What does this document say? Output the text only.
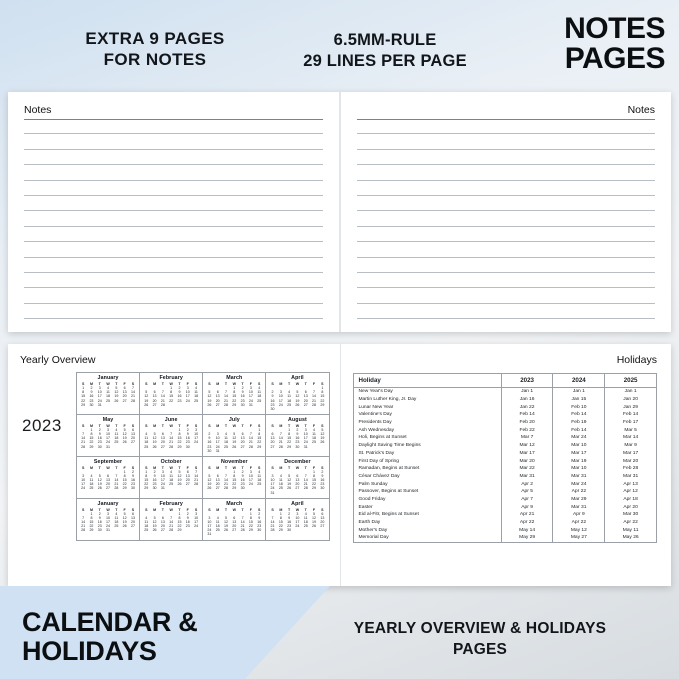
EXTRA 9 PAGES
FOR NOTES
6.5MM-RULE
29 LINES PER PAGE
NOTES
PAGES
Notes	Notes
Yearly Overview
2023
January
S	M	T	W	T	F	S
1	2	3	4	5	6	7
8	9	10	11	12	13	14
15	16	17	18	19	20	21
22	23	24	25	26	27	28
29	30	31				
February
S	M	T	W	T	F	S
			1	2	3	4
5	6	7	8	9	10	11
12	13	14	15	16	17	18
19	20	21	22	23	24	25
26	27	28				
March
S	M	T	W	T	F	S
			1	2	3	4
5	6	7	8	9	10	11
12	13	14	15	16	17	18
19	20	21	22	23	24	25
26	27	28	29	30	31	
April
S	M	T	W	T	F	S
						1
2	3	4	5	6	7	8
9	10	11	12	13	14	15
16	17	18	19	20	21	22
23	24	25	26	27	28	29
30						
May
S	M	T	W	T	F	S
	1	2	3	4	5	6
7	8	9	10	11	12	13
14	15	16	17	18	19	20
21	22	23	24	25	26	27
28	29	30	31			
June
S	M	T	W	T	F	S
				1	2	3
4	5	6	7	8	9	10
11	12	13	14	15	16	17
18	19	20	21	22	23	24
25	26	27	28	29	30	
July
S	M	T	W	T	F	S
						1
2	3	4	5	6	7	8
9	10	11	12	13	14	15
16	17	18	19	20	21	22
23	24	25	26	27	28	29
30	31					
August
S	M	T	W	T	F	S
		1	2	3	4	5
6	7	8	9	10	11	12
13	14	15	16	17	18	19
20	21	22	23	24	25	26
27	28	29	30	31		
September
S	M	T	W	T	F	S
					1	2
3	4	5	6	7	8	9
10	11	12	13	14	15	16
17	18	19	20	21	22	23
24	25	26	27	28	29	30
October
S	M	T	W	T	F	S
1	2	3	4	5	6	7
8	9	10	11	12	13	14
15	16	17	18	19	20	21
22	23	24	25	26	27	28
29	30	31				
November
S	M	T	W	T	F	S
			1	2	3	4
5	6	7	8	9	10	11
12	13	14	15	16	17	18
19	20	21	22	23	24	25
26	27	28	29	30		
December
S	M	T	W	T	F	S
					1	2
3	4	5	6	7	8	9
10	11	12	13	14	15	16
17	18	19	20	21	22	23
24	25	26	27	28	29	30
31						
January
S	M	T	W	T	F	S
	1	2	3	4	5	6
7	8	9	10	11	12	13
14	15	16	17	18	19	20
21	22	23	24	25	26	27
28	29	30	31			
February
S	M	T	W	T	F	S
				1	2	3
4	5	6	7	8	9	10
11	12	13	14	15	16	17
18	19	20	21	22	23	24
25	26	27	28	29		
March
S	M	T	W	T	F	S
					1	2
3	4	5	6	7	8	9
10	11	12	13	14	15	16
17	18	19	20	21	22	23
24	25	26	27	28	29	30
31						
April
S	M	T	W	T	F	S
	1	2	3	4	5	6
7	8	9	10	11	12	13
14	15	16	17	18	19	20
21	22	23	24	25	26	27
28	29	30				
Holidays
Holiday	2023	2024	2025
New Year's Day	Jan 1	Jan 1	Jan 1
Martin Luther King, Jr. Day	Jan 16	Jan 15	Jan 20
Lunar New Year	Jan 22	Feb 10	Jan 29
Valentine's Day	Feb 14	Feb 14	Feb 14
Presidents Day	Feb 20	Feb 19	Feb 17
Ash Wednesday	Feb 22	Feb 14	Mar 5
Holi, Begins at Sunset	Mar 7	Mar 24	Mar 14
Daylight Saving Time Begins	Mar 12	Mar 10	Mar 9
St. Patrick's Day	Mar 17	Mar 17	Mar 17
First Day of Spring	Mar 20	Mar 19	Mar 20
Ramadan, Begins at Sunset	Mar 22	Mar 10	Feb 28
César Chávez Day	Mar 31	Mar 31	Mar 31
Palm Sunday	Apr 2	Mar 24	Apr 13
Passover, Begins at Sunset	Apr 5	Apr 22	Apr 12
Good Friday	Apr 7	Mar 29	Apr 18
Easter	Apr 9	Mar 31	Apr 20
Eid al-Fitr, Begins at Sunset	Apr 21	Apr 9	Mar 30
Earth Day	Apr 22	Apr 22	Apr 22
Mother's Day	May 14	May 12	May 11
Memorial Day	May 29	May 27	May 26
CALENDAR &
HOLIDAYS
YEARLY OVERVIEW & HOLIDAYS
PAGES
